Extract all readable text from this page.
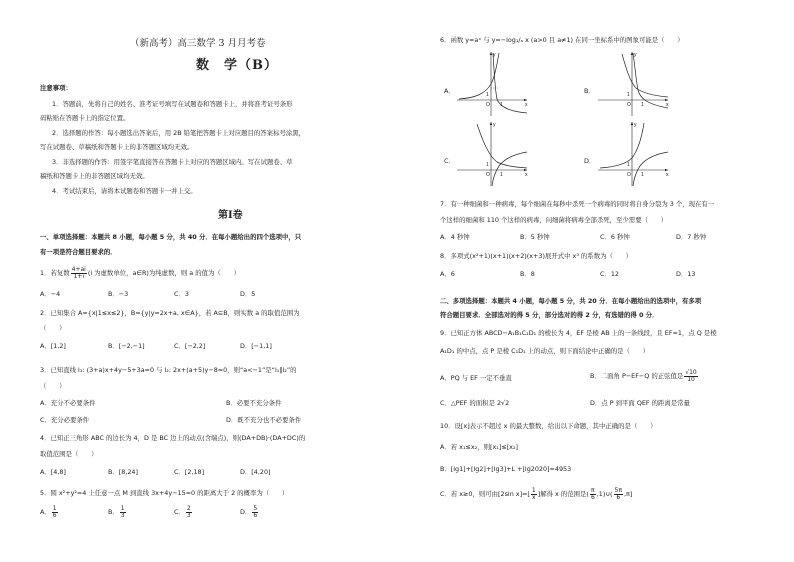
（新高考）高三数学 3 月月考卷
数　学（B）
注意事项：
1．答题前，先将自己的姓名、准考证号填写在试题卷和答题卡上，并将准考证号条形
码粘贴在答题卡上的指定位置。
2．选择题的作答：每小题选出答案后，用 2B 铅笔把答题卡上对应题目的答案标号涂黑，
写在试题卷、草稿纸和答题卡上的非答题区域均无效。
3．非选择题的作答：用签字笔直接答在答题卡上对应的答题区域内。写在试题卷、草
稿纸和答题卡上的非答题区域均无效。
4．考试结束后，请将本试题卷和答题卡一并上交。
第Ⅰ卷
一、单项选择题：本题共 8 小题，每小题 5 分，共 40 分．在每小题给出的四个选项中，只
有一项是符合题目要求的．
1．若复数 $\frac{4+ai}{1+i} (i$ 为虚数单位，a∈R)为纯虚数，则 a 的值为（　　）
A．−4	B．−3	C．3	D．5
2．已知集合 A={x|1≤x≤2}，B={y|y=2x+a, x∈A}，若 A⊆B，则实数 a 的取值范围为
（　　）
A．[1,2]	B．[−2,−1]	C．[−2,2]	D．[−1,1]
3．已知直线 l₁: (3+a)x+4y−5+3a=0 与 l₂: 2x+(a+5)y−8=0，则“a<−1”是“l₁∥l₂”的
（　　）
A．充分不必要条件	B．必要不充分条件
C．充分必要条件	D．既不充分也不必要条件
4．已知正三角形 ABC 的边长为 4，D 是 BC 边上的动点(含端点)，则(DA+DB)·(DA+DC)的
取值范围是（　　）
A．[4,8]	B．[8,24]	C．[2,18]	D．[4,20]
5．圆 x²+y²=4 上任意一点 M 到直线 3x+4y−15=0 的距离大于 2 的概率为（　　）
A． $\frac{1}{6}$	B． $\frac{1}{3}$	C． $\frac{2}{3}$	D． $\frac{5}{6}$
6．函数 y=aˣ 与 y=−log₁/ₐ x (a>0 且 a≠1) 在同一坐标系中的图象可能是（　　）
A．	1
O 1	x
y
B．	1
O 1	x
y
C．	1
O 1	x
y
D．	1
O 1	x
y
7．有一种细菌和一种病毒，每个细菌在每秒中杀死一个病毒的同时将自身分裂为 3 个，现在有一
个这样的细菌和 110 个这样的病毒，问细菌将病毒全部杀死，至少需要（　　）
A．4 秒钟	B．5 秒钟	C．6 秒钟	D．7 秒钟
8．多项式(x²+1)(x+1)(x+2)(x+3)展开式中 x³ 的系数为（　　）
A．6	B．8	C．12	D．13
二、多项选择题：本题共 4 小题，每小题 5 分，共 20 分．在每小题给出的选项中，有多项
符合题目要求．全部选对的得 5 分，部分选对的得 2 分，有选错的得 0 分．
9．已知正方体 ABCD−A₁B₁C₁D₁ 的棱长为 4，EF 是棱 AB 上的一条线段，且 EF=1，点 Q 是棱
A₁D₁ 的中点，点 P 是棱 C₁D₁ 上的动点，则下面结论中正确的是（　　）
A．PQ 与 EF 一定不垂直	B．二面角 P−EF−Q 的正弦值是 $\frac{√10}{10}$
C．△PEF 的面积是 2√2	D．点 P 到平面 QEF 的距离是常量
10．设[x]表示不超过 x 的最大整数，给出以下命题，其中正确的是（　　）
A．若 x₁≤x₂，则[x₁]≤[x₂]
B．[lg1]+[lg2]+[lg3]+L +[lg2020]=4953
C．若 x≥0，则可由[2sin $x]=[ \frac{1}{x}$ ]解得 x 的范围是( $\frac{\pi}{6}$ ,1)∪( $\frac{5\pi}{6} ,\pi$]
